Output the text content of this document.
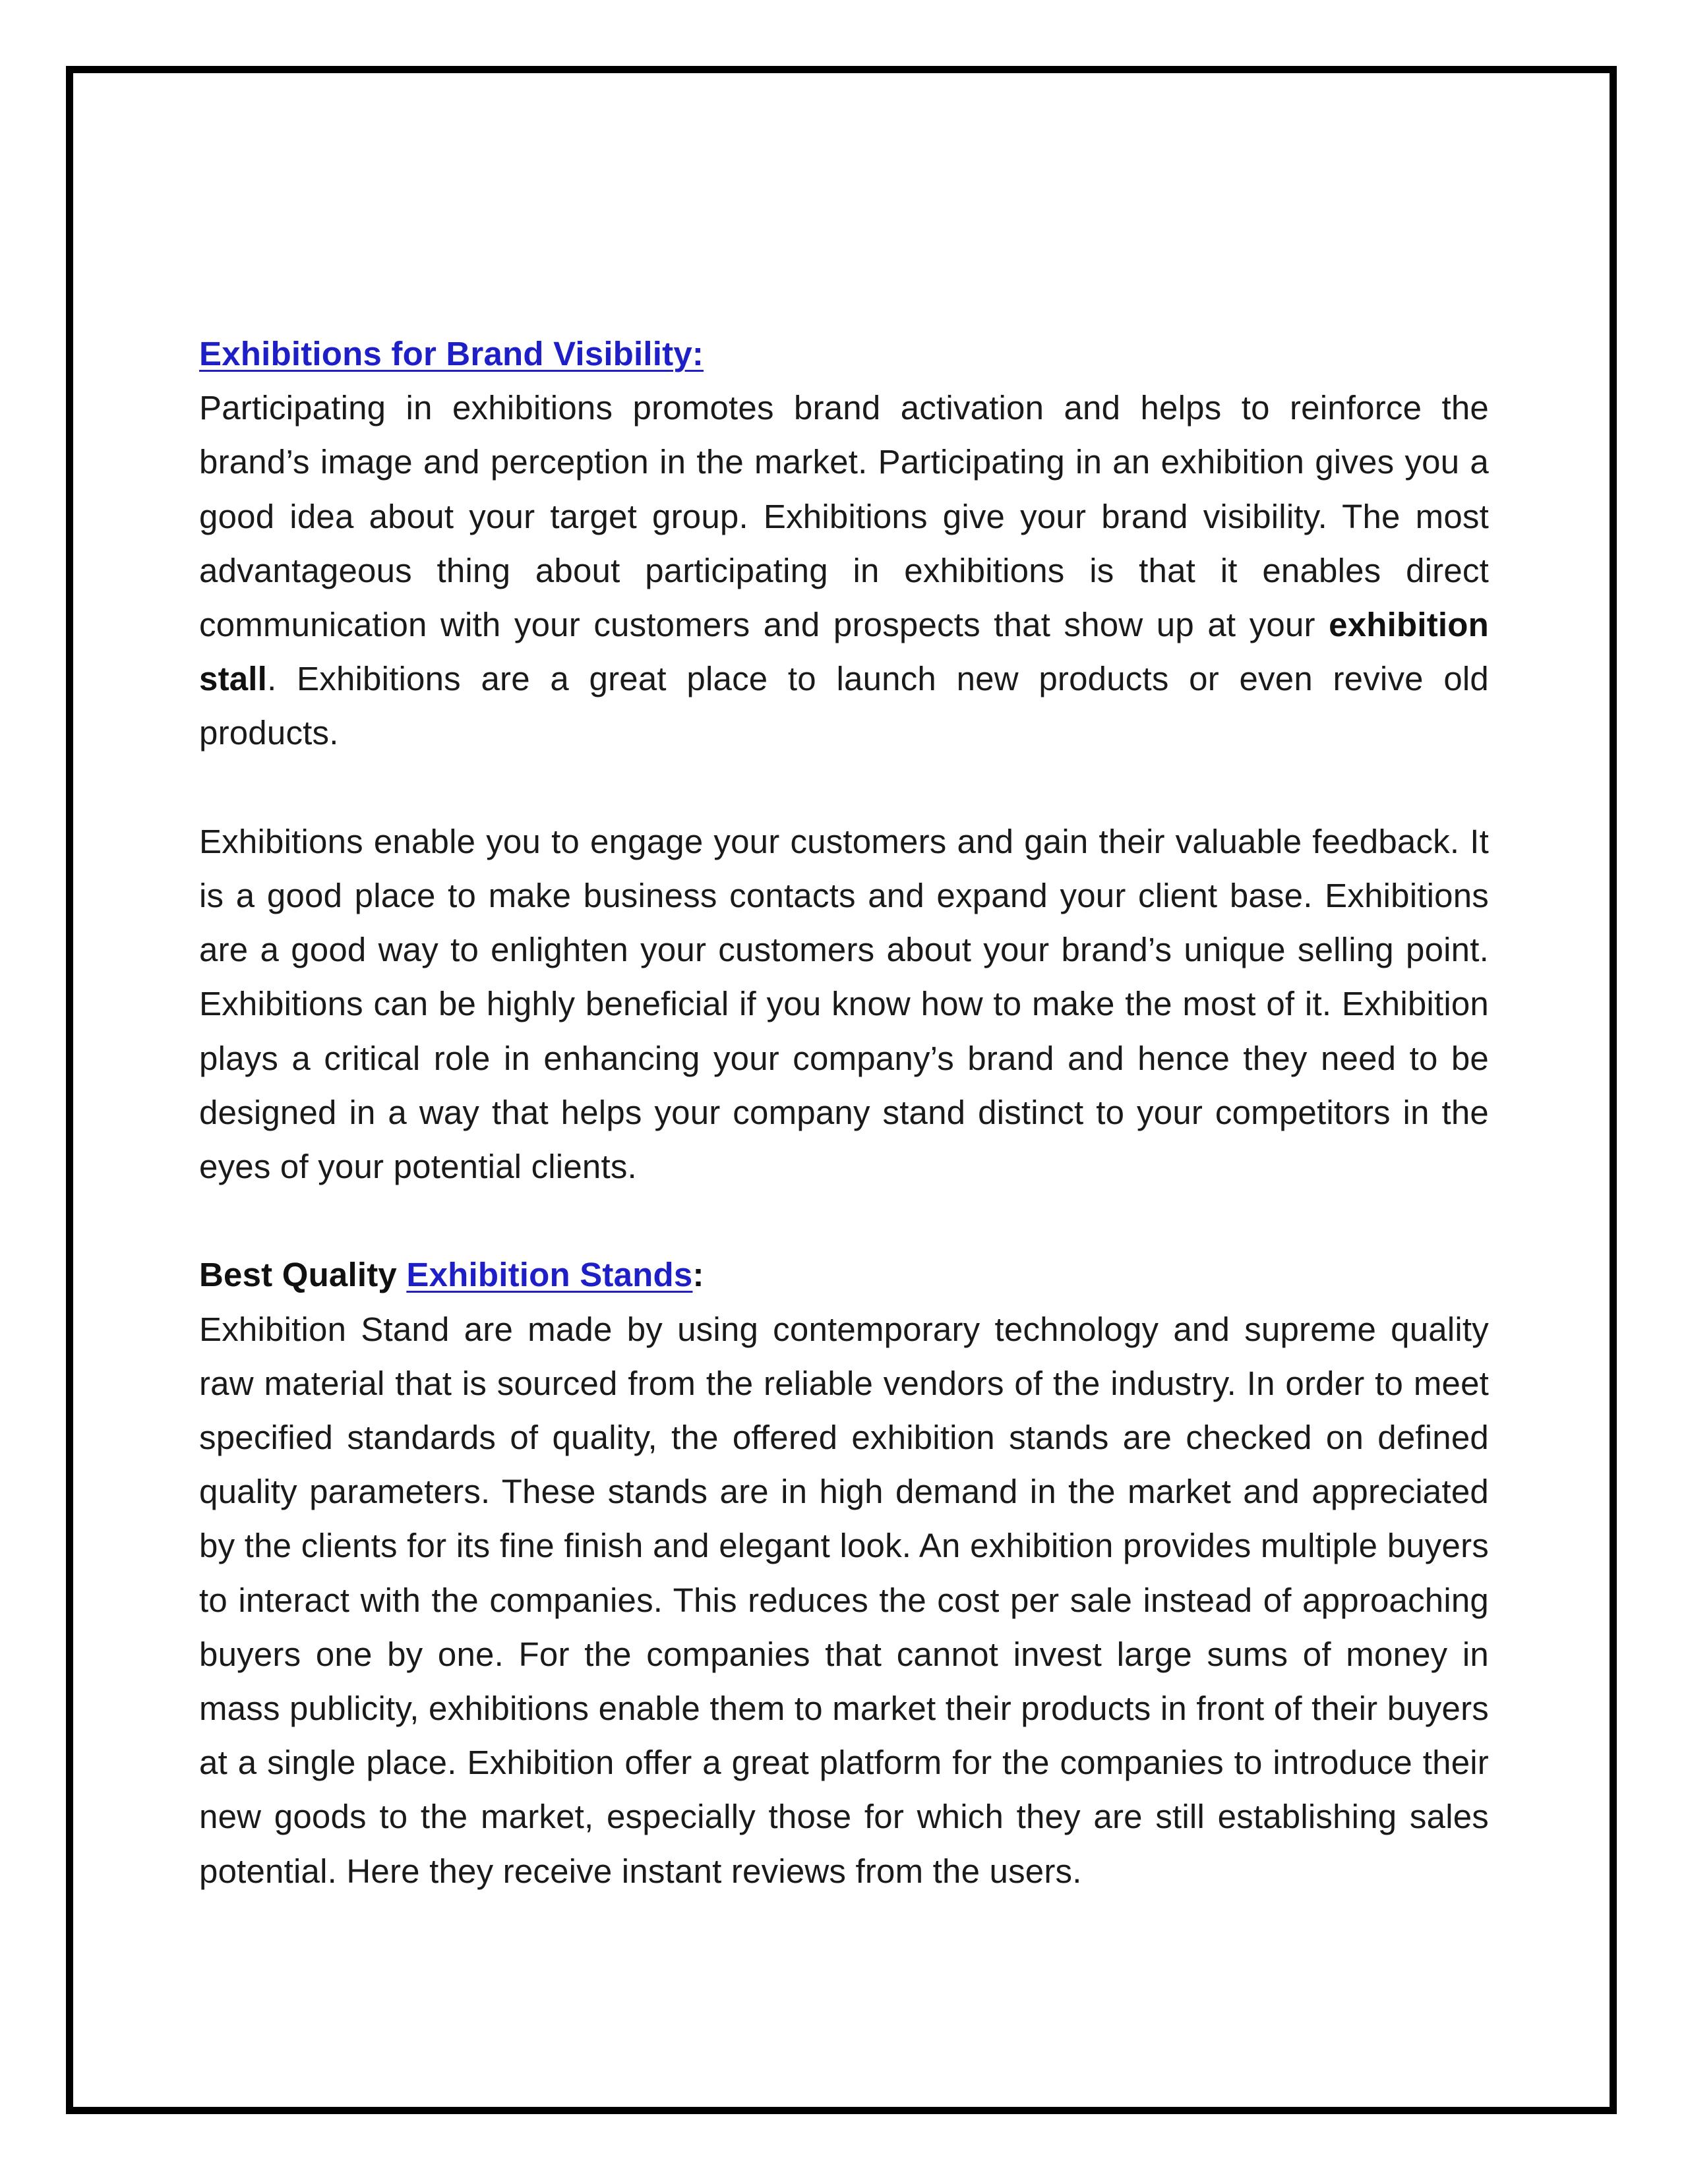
Exhibitions for Brand Visibility:

Participating in exhibitions promotes brand activation and helps to reinforce the brand’s image and perception in the market. Participating in an exhibition gives you a good idea about your target group. Exhibitions give your brand visibility. The most advantageous thing about participating in exhibitions is that it enables direct communication with your customers and prospects that show up at your exhibition stall. Exhibitions are a great place to launch new products or even revive old products.

Exhibitions enable you to engage your customers and gain their valuable feedback. It is a good place to make business contacts and expand your client base. Exhibitions are a good way to enlighten your customers about your brand’s unique selling point. Exhibitions can be highly beneficial if you know how to make the most of it. Exhibition plays a critical role in enhancing your company’s brand and hence they need to be designed in a way that helps your company stand distinct to your competitors in the eyes of your potential clients.

Best Quality Exhibition Stands:

Exhibition Stand are made by using contemporary technology and supreme quality raw material that is sourced from the reliable vendors of the industry. In order to meet specified standards of quality, the offered exhibition stands are checked on defined quality parameters. These stands are in high demand in the market and appreciated by the clients for its fine finish and elegant look. An exhibition provides multiple buyers to interact with the companies. This reduces the cost per sale instead of approaching buyers one by one. For the companies that cannot invest large sums of money in mass publicity, exhibitions enable them to market their products in front of their buyers at a single place. Exhibition offer a great platform for the companies to introduce their new goods to the market, especially those for which they are still establishing sales potential. Here they receive instant reviews from the users.
